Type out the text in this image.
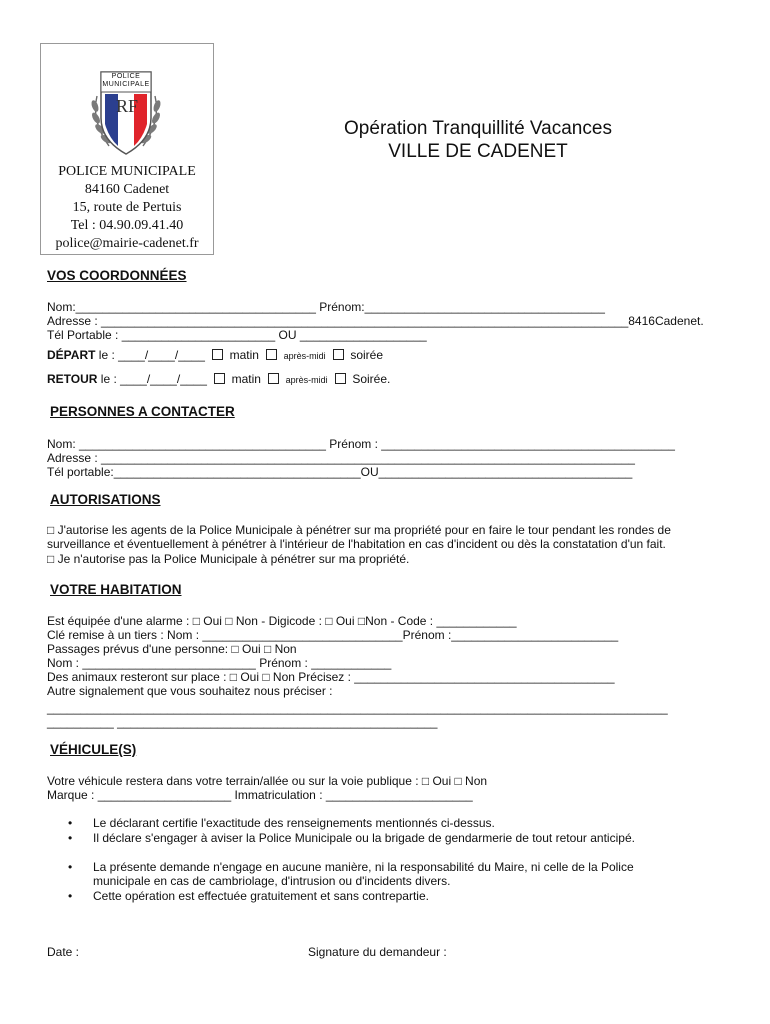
POLICE
MUNICIPALE
RF
POLICE MUNICIPALE
84160 Cadenet
15, route de Pertuis
Tel : 04.90.09.41.40
police@mairie-cadenet.fr
Opération Tranquillité Vacances
VILLE DE CADENET
VOS COORDONNÉES
Nom:____________________________________ Prénom:____________________________________
Adresse : _______________________________________________________________________________8416Cadenet.
Tél Portable : _______________________ OU ___________________
DÉPART le : ____/____/____ matin	après-midi soirée
RETOUR le : ____/____/____ matin	après-midi Soirée.
PERSONNES A CONTACTER
Nom: _____________________________________ Prénom : ____________________________________________
Adresse : ________________________________________________________________________________
Tél portable:_____________________________________OU______________________________________
AUTORISATIONS
□ J'autorise les agents de la Police Municipale à pénétrer sur ma propriété pour en faire le tour pendant les rondes de
surveillance et éventuellement à pénétrer à l'intérieur de l'habitation en cas d'incident ou dès la constatation d'un fait.
□ Je n'autorise pas la Police Municipale à pénétrer sur ma propriété.
VOTRE HABITATION
Est équipée d'une alarme : □ Oui □ Non - Digicode : □ Oui □Non - Code : ____________
Clé remise à un tiers : Nom : ______________________________Prénom :_________________________
Passages prévus d'une personne: □ Oui □ Non
Nom : __________________________ Prénom : ____________
Des animaux resteront sur place : □ Oui □ Non Précisez : _______________________________________
Autre signalement que vous souhaitez nous préciser :
_____________________________________________________________________________________________
__________ ________________________________________________
VÉHICULE(S)
Votre véhicule restera dans votre terrain/allée ou sur la voie publique : □ Oui □ Non
Marque : ____________________ Immatriculation : ______________________
• Le déclarant certifie l'exactitude des renseignements mentionnés ci-dessus.
• Il déclare s'engager à aviser la Police Municipale ou la brigade de gendarmerie de tout retour anticipé.
• La présente demande n'engage en aucune manière, ni la responsabilité du Maire, ni celle de la Police
municipale en cas de cambriolage, d'intrusion ou d'incidents divers.
• Cette opération est effectuée gratuitement et sans contrepartie.
Date :	Signature du demandeur :
